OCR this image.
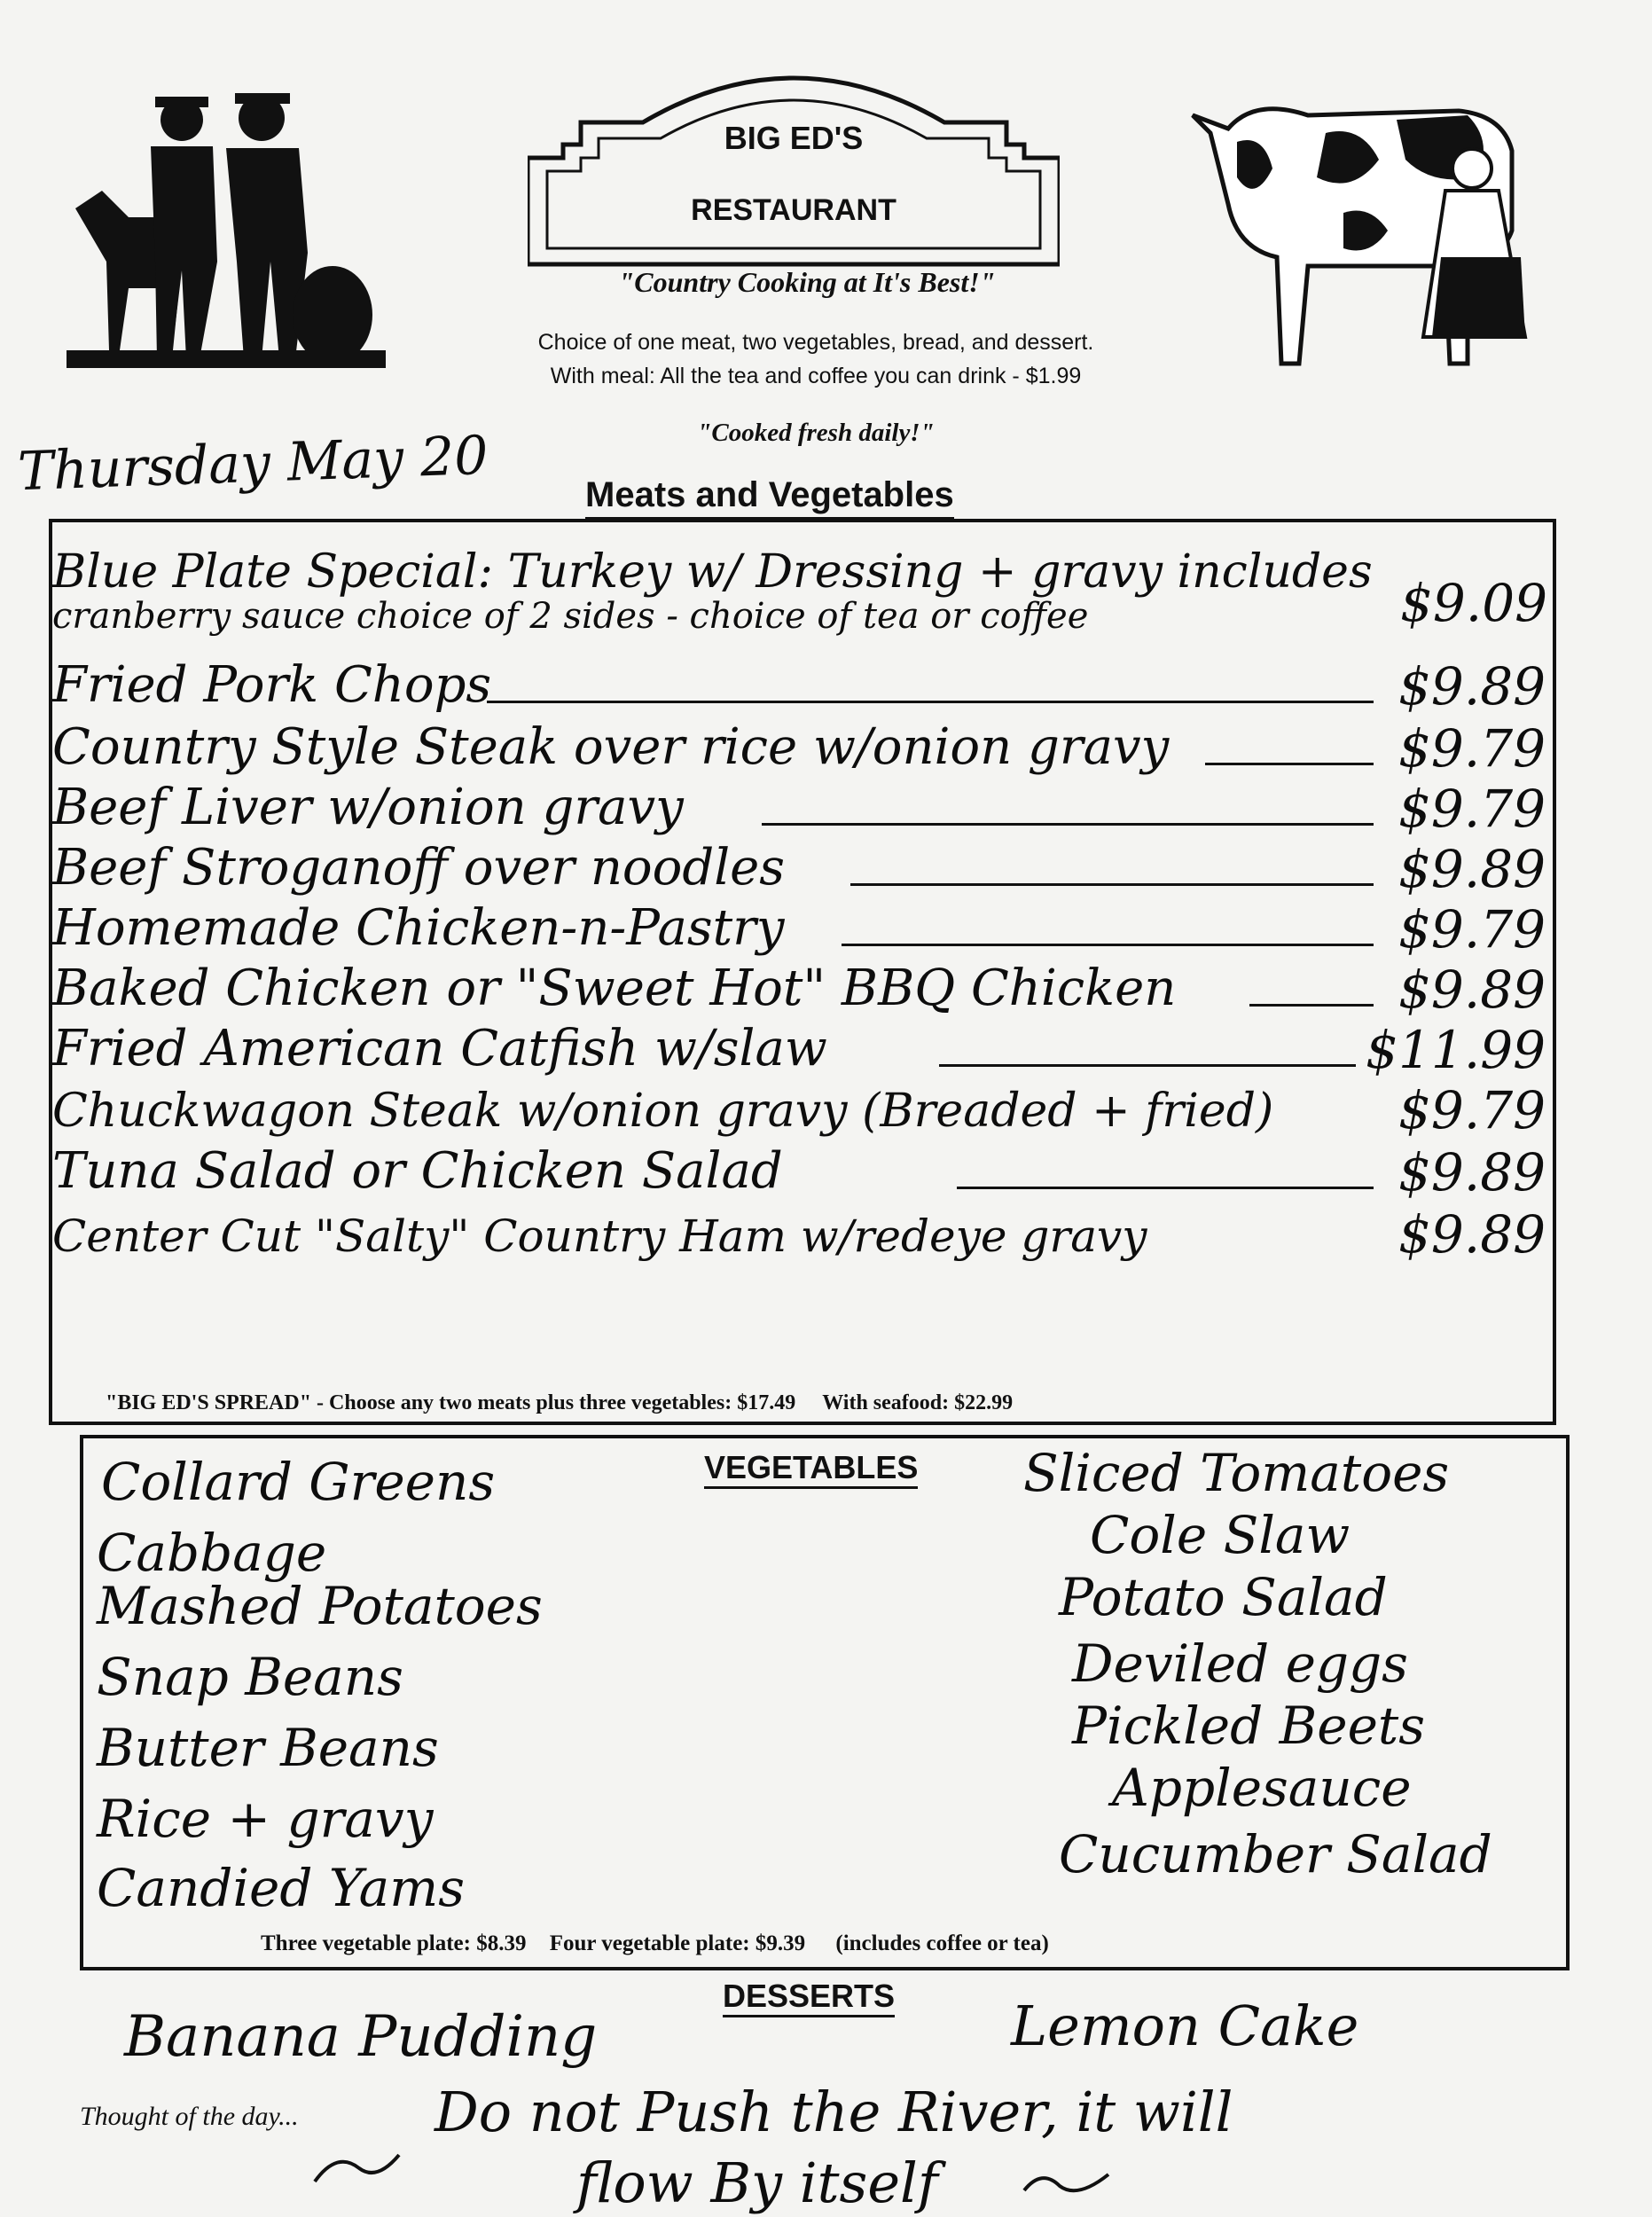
BIG ED'S
RESTAURANT
"Country Cooking at It's Best!"
Choice of one meat, two vegetables, bread, and dessert.
With meal: All the tea and coffee you can drink - $1.99
"Cooked fresh daily!"
Thursday May 20	Meats and Vegetables
Blue Plate Special: Turkey w/ Dressing + gravy includes
cranberry sauce choice of 2 sides - choice of tea or coffee	$9.09
Fried Pork Chops	$9.89
Country Style Steak over rice w/onion gravy	$9.79
Beef Liver w/onion gravy	$9.79
Beef Stroganoff over noodles	$9.89
Homemade Chicken-n-Pastry	$9.79
Baked Chicken or "Sweet Hot" BBQ Chicken	$9.89
Fried American Catfish w/slaw	$11.99
Chuckwagon Steak w/onion gravy (Breaded + fried) $9.79
Tuna Salad or Chicken Salad	$9.89
Center Cut "Salty" Country Ham w/redeye gravy	$9.89
"BIG ED'S SPREAD" - Choose any two meats plus three vegetables: $17.49 With seafood: $22.99
VEGETABLES
Collard Greens
Cabbage
Mashed Potatoes
Snap Beans
Butter Beans
Rice + gravy
Candied Yams
Sliced Tomatoes
Cole Slaw
Potato Salad
Deviled eggs
Pickled Beets
Applesauce
Cucumber Salad
Three vegetable plate: $8.39 Four vegetable plate: $9.39 (includes coffee or tea)
DESSERTS
Banana Pudding	Lemon Cake
Thought of the day... Do not Push the River, it will
flow By itself
